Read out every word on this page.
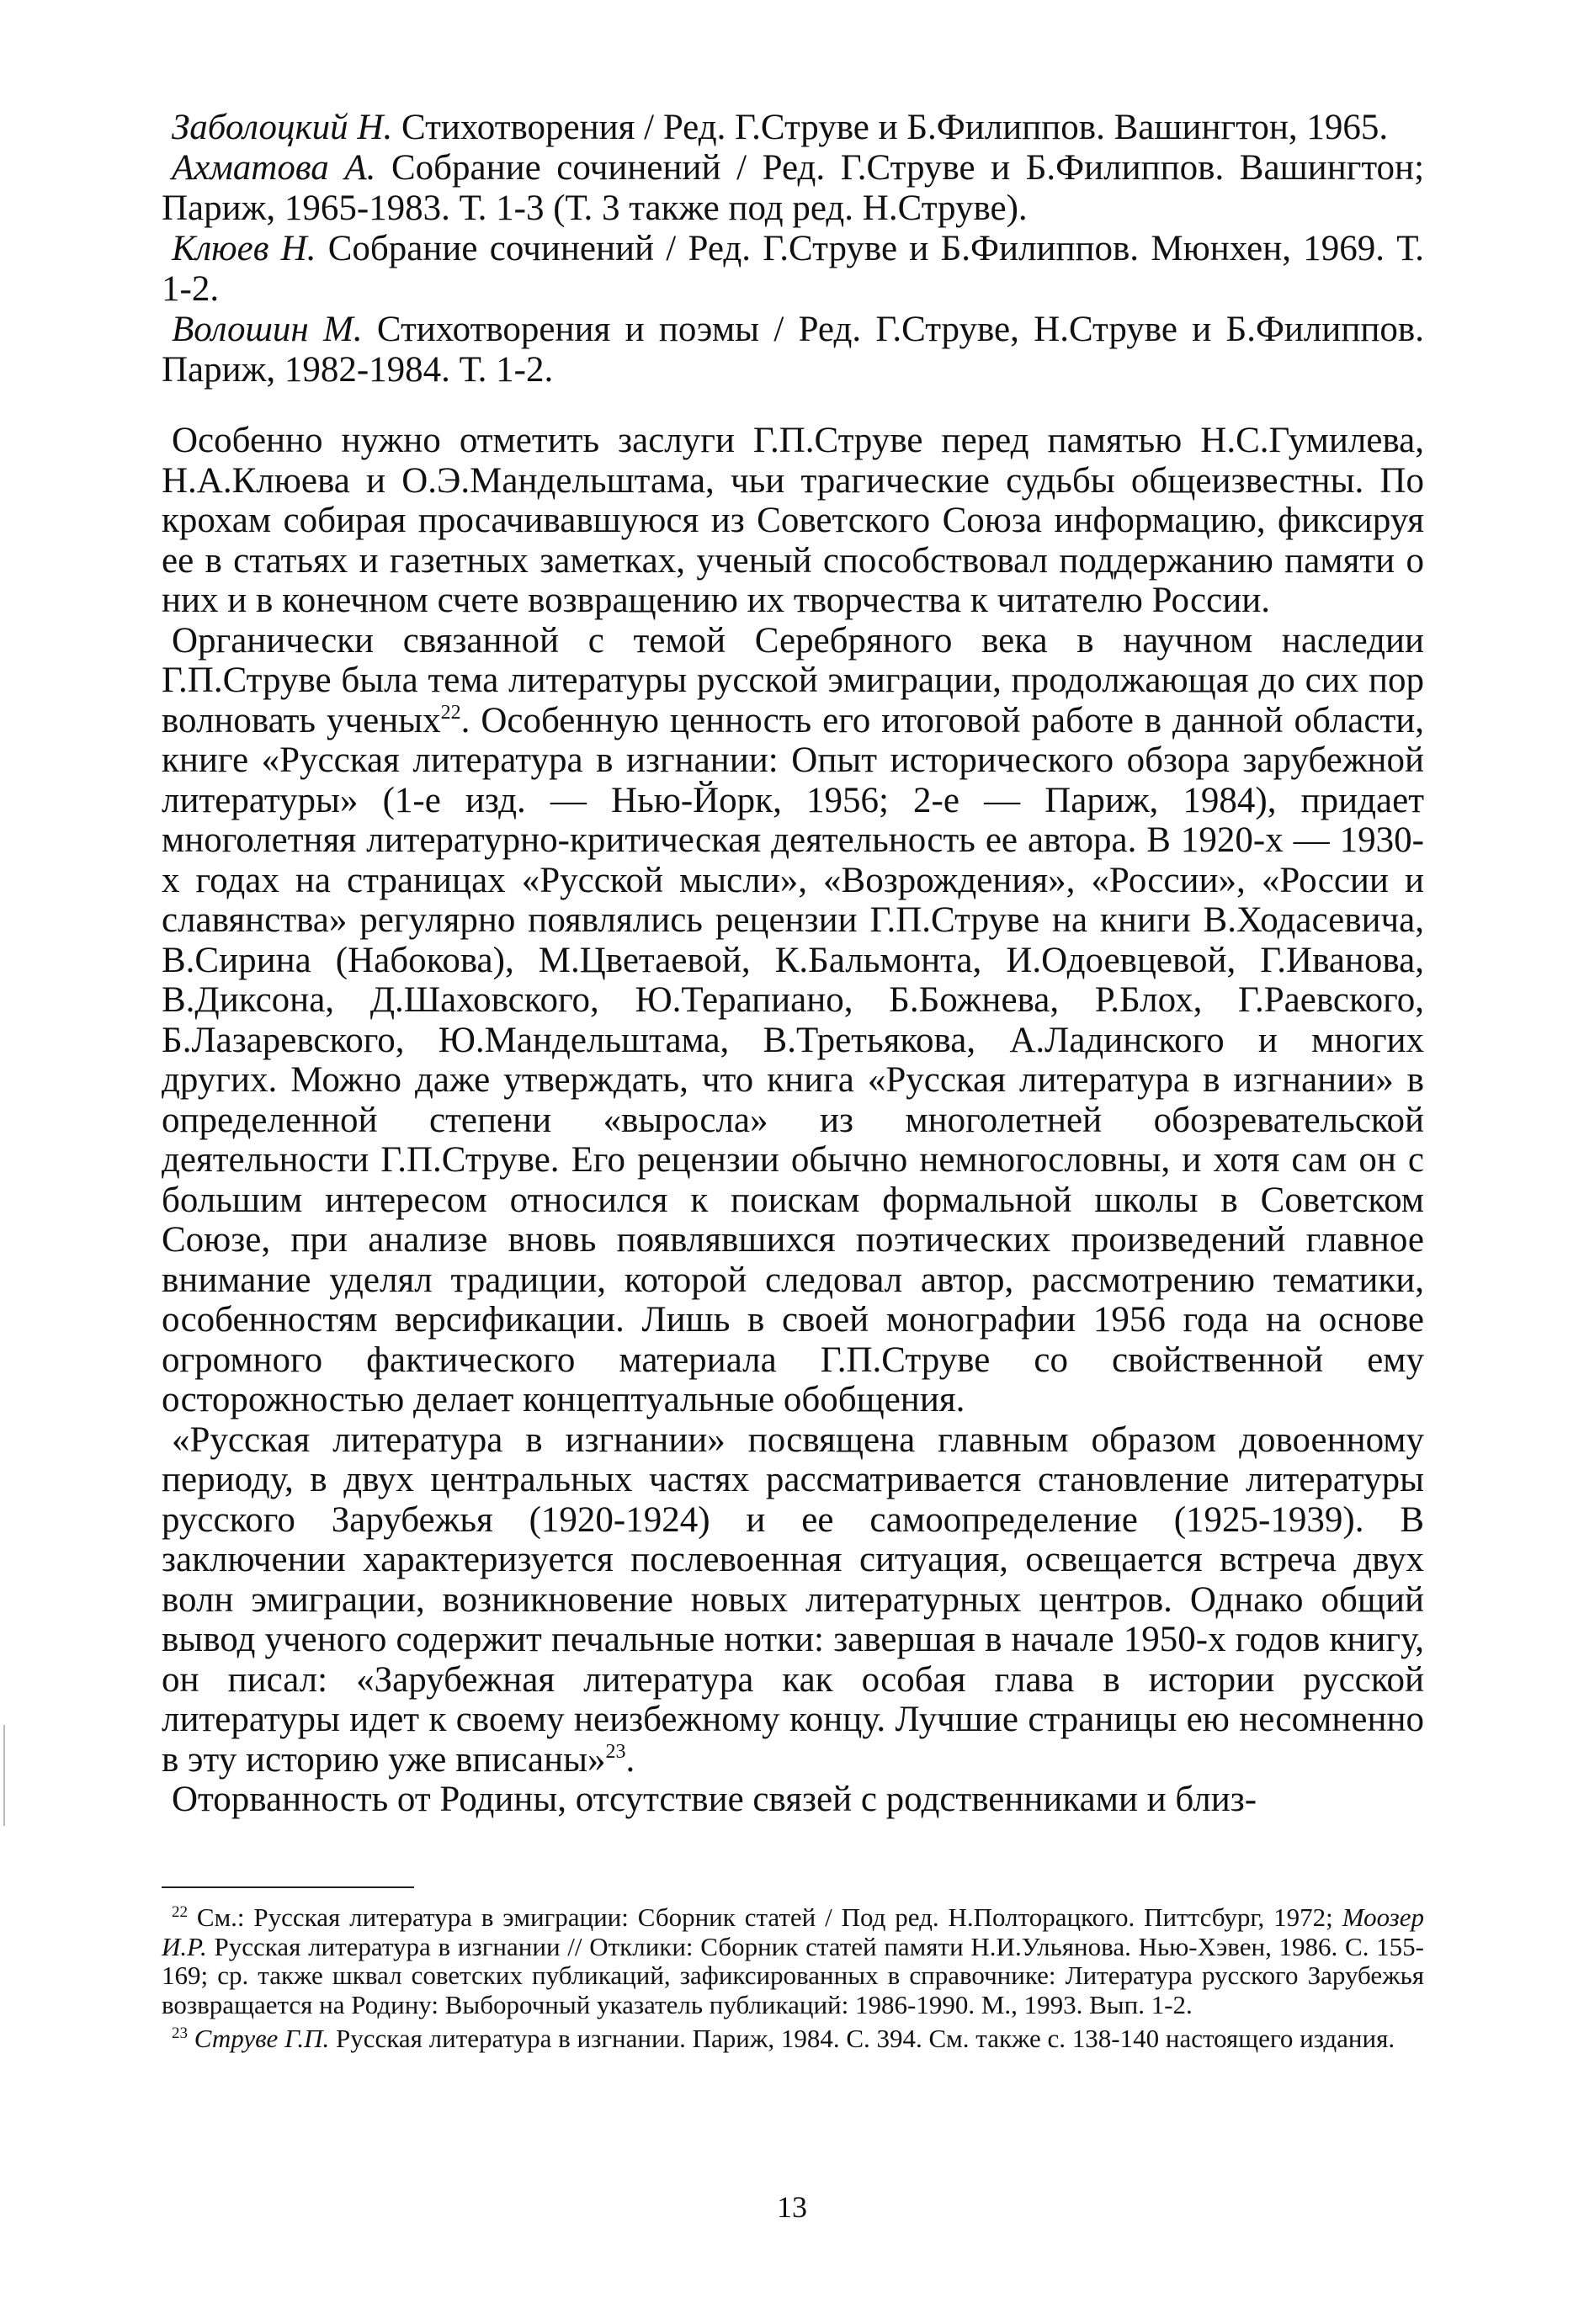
Заболоцкий Н. Стихотворения / Ред. Г.Струве и Б.Филиппов. Вашингтон, 1965.

Ахматова А. Собрание сочинений / Ред. Г.Струве и Б.Филиппов. Вашингтон; Париж, 1965-1983. Т. 1-3 (Т. 3 также под ред. Н.Струве).

Клюев Н. Собрание сочинений / Ред. Г.Струве и Б.Филиппов. Мюнхен, 1969. Т. 1-2.

Волошин М. Стихотворения и поэмы / Ред. Г.Струве, Н.Струве и Б.Филиппов. Париж, 1982-1984. Т. 1-2.

Особенно нужно отметить заслуги Г.П.Струве перед памятью Н.С.Гумилева, Н.А.Клюева и О.Э.Мандельштама, чьи трагические судьбы общеизвестны. По крохам собирая просачивавшуюся из Советского Союза информацию, фиксируя ее в статьях и газетных заметках, ученый способствовал поддержанию памяти о них и в конечном счете возвращению их творчества к читателю России.

Органически связанной с темой Серебряного века в научном наследии Г.П.Струве была тема литературы русской эмиграции, продолжающая до сих пор волновать ученых$^{22}$. Особенную ценность его итоговой работе в данной области, книге «Русская литература в изгнании: Опыт исторического обзора зарубежной литературы» (1-е изд. — Нью-Йорк, 1956; 2-е — Париж, 1984), придает многолетняя литературно-критическая деятельность ее автора. В 1920-х — 1930-х годах на страницах «Русской мысли», «Возрождения», «России», «России и славянства» регулярно появлялись рецензии Г.П.Струве на книги В.Ходасевича, В.Сирина (Набокова), М.Цветаевой, К.Бальмонта, И.Одоевцевой, Г.Иванова, В.Диксона, Д.Шаховского, Ю.Терапиано, Б.Божнева, Р.Блох, Г.Раевского, Б.Лазаревского, Ю.Мандельштама, В.Третьякова, А.Ладинского и многих других. Можно даже утверждать, что книга «Русская литература в изгнании» в определенной степени «выросла» из многолетней обозревательской деятельности Г.П.Струве. Его рецензии обычно немногословны, и хотя сам он с большим интересом относился к поискам формальной школы в Советском Союзе, при анализе вновь появлявшихся поэтических произведений главное внимание уделял традиции, которой следовал автор, рассмотрению тематики, особенностям версификации. Лишь в своей монографии 1956 года на основе огромного фактического материала Г.П.Струве со свойственной ему осторожностью делает концептуальные обобщения.

«Русская литература в изгнании» посвящена главным образом довоенному периоду, в двух центральных частях рассматривается становление литературы русского Зарубежья (1920-1924) и ее самоопределение (1925-1939). В заключении характеризуется послевоенная ситуация, освещается встреча двух волн эмиграции, возникновение новых литературных центров. Однако общий вывод ученого содержит печальные нотки: завершая в начале 1950-х годов книгу, он писал: «Зарубежная литература как особая глава в истории русской литературы идет к своему неизбежному концу. Лучшие страницы ею несомненно в эту историю уже вписаны»$^{23}$.

Оторванность от Родины, отсутствие связей с родственниками и близ-

$^{22}$ См.: Русская литература в эмиграции: Сборник статей / Под ред. Н.Полторацкого. Питтсбург, 1972; Моозер И.Р. Русская литература в изгнании // Отклики: Сборник статей памяти Н.И.Ульянова. Нью-Хэвен, 1986. С. 155-169; ср. также шквал советских публикаций, зафиксированных в справочнике: Литература русского Зарубежья возвращается на Родину: Выборочный указатель публикаций: 1986-1990. М., 1993. Вып. 1-2.

$^{23}$ Струве Г.П. Русская литература в изгнании. Париж, 1984. С. 394. См. также с. 138-140 настоящего издания.

13
